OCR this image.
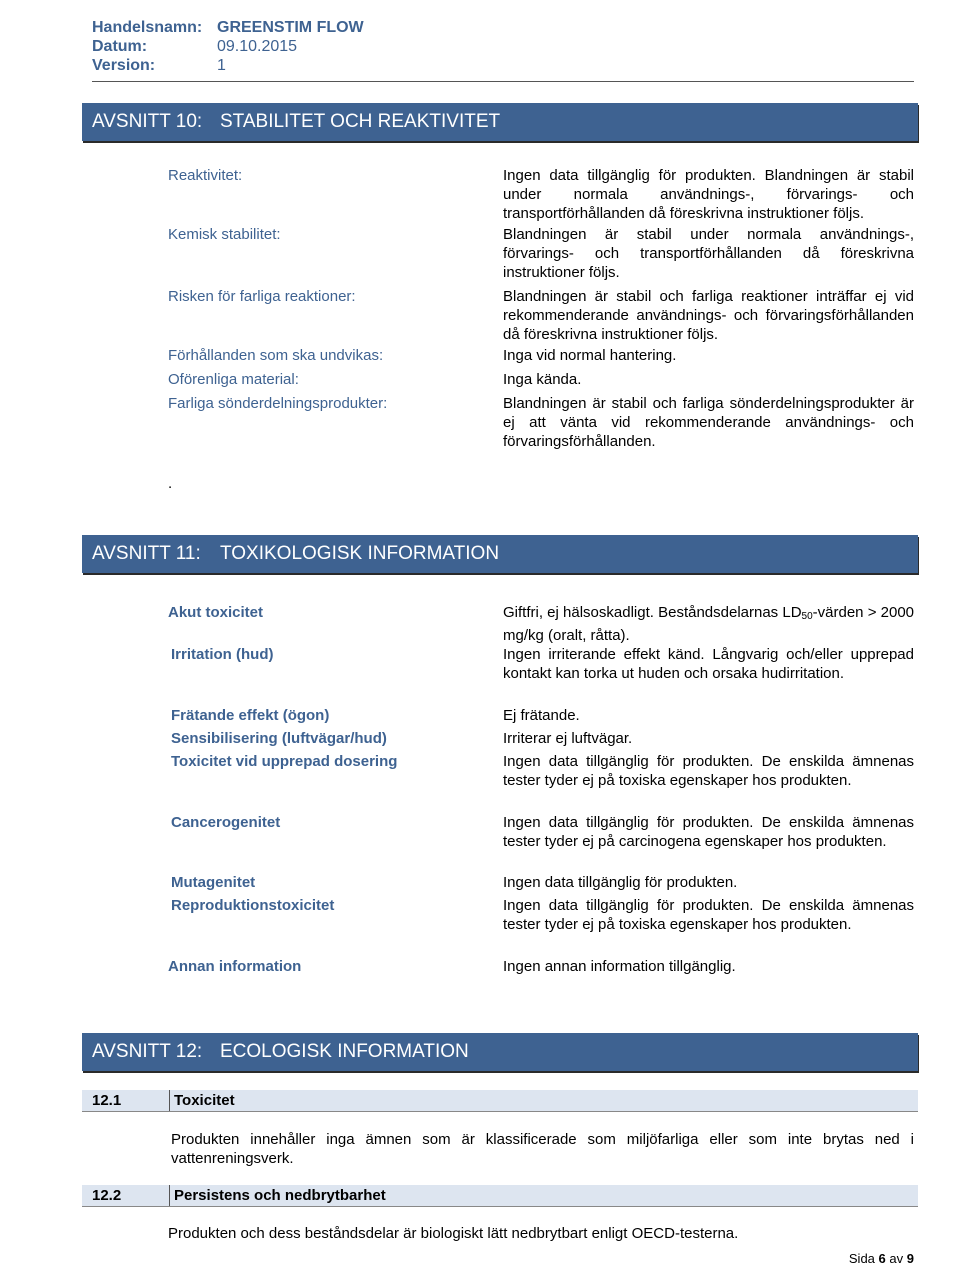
Handelsnamn: GREENSTIM FLOW
Datum:	09.10.2015
Version:	1
AVSNITT 10: STABILITET OCH REAKTIVITET
Reaktivitet:	Ingen data tillgänglig för produkten. Blandningen är stabil under normala användnings-, förvarings- och transportförhållanden då föreskrivna instruktioner följs.
Kemisk stabilitet:	Blandningen är stabil under normala användnings-, förvarings- och transportförhållanden då föreskrivna instruktioner följs.
Risken för farliga reaktioner:	Blandningen är stabil och farliga reaktioner inträffar ej vid rekommenderande användnings- och förvaringsförhållanden då föreskrivna instruktioner följs.
Förhållanden som ska undvikas:	Inga vid normal hantering.
Oförenliga material:	Inga kända.
Farliga sönderdelningsprodukter:	Blandningen är stabil och farliga sönderdelningsprodukter är ej att vänta vid rekommenderande användnings- och förvaringsförhållanden.
.
AVSNITT 11:	TOXIKOLOGISK INFORMATION
Akut toxicitet	Giftfri, ej hälsoskadligt. Beståndsdelarnas $LD_{50}$-värden > 2000 mg/kg (oralt, råtta).
Irritation (hud)	Ingen irriterande effekt känd. Långvarig och/eller upprepad kontakt kan torka ut huden och orsaka hudirritation.
Frätande effekt (ögon)	Ej frätande.
Sensibilisering (luftvägar/hud)	Irriterar ej luftvägar.
Toxicitet vid upprepad dosering	Ingen data tillgänglig för produkten. De enskilda ämnenas tester tyder ej på toxiska egenskaper hos produkten.
Cancerogenitet	Ingen data tillgänglig för produkten. De enskilda ämnenas tester tyder ej på carcinogena egenskaper hos produkten.
Mutagenitet	Ingen data tillgänglig för produkten.
Reproduktionstoxicitet	Ingen data tillgänglig för produkten. De enskilda ämnenas tester tyder ej på toxiska egenskaper hos produkten.
Annan information	Ingen annan information tillgänglig.
AVSNITT 12: ECOLOGISK INFORMATION
12.1	Toxicitet
Produkten innehåller inga ämnen som är klassificerade som miljöfarliga eller som inte brytas ned i vattenreningsverk.
12.2	Persistens och nedbrytbarhet
Produkten och dess beståndsdelar är biologiskt lätt nedbrytbart enligt OECD-testerna.
Sida 6 av 9
